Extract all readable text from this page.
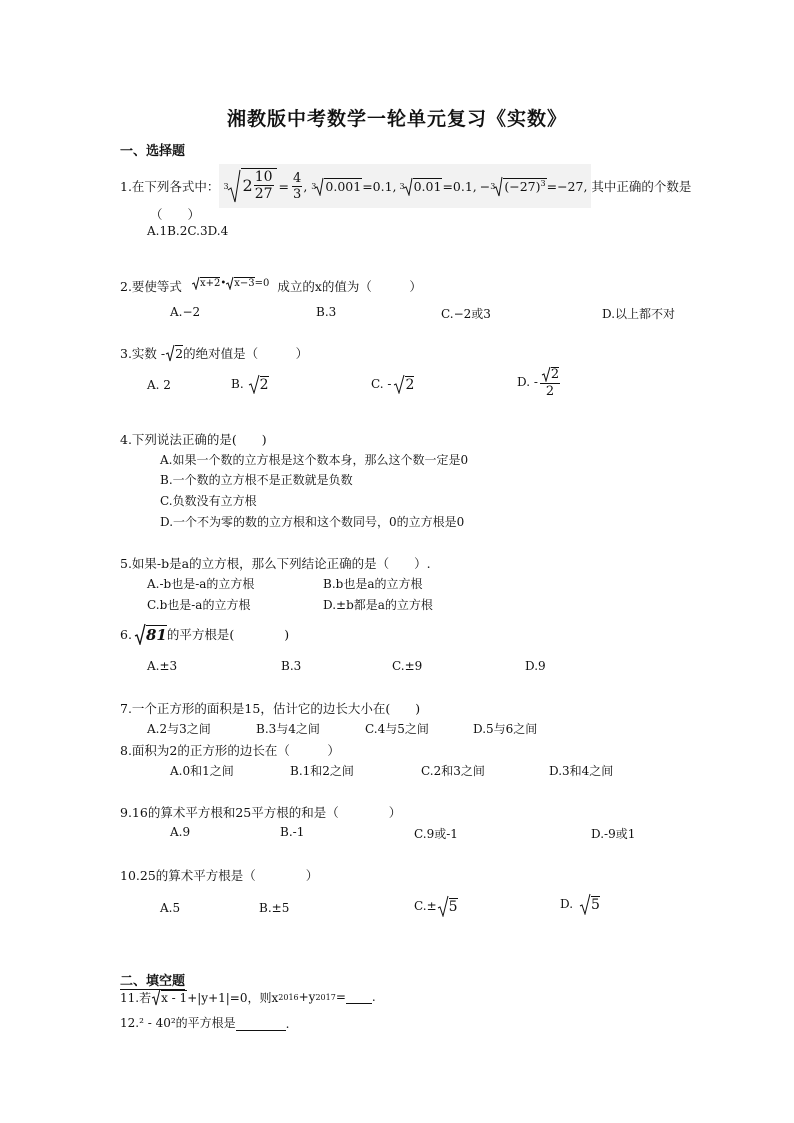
湘教版中考数学一轮单元复习《实数》
一、选择题
1.在下列各式中： 3 $2 \frac{10}{27} = \frac{4}{3}$ , 3 0.001 =0.1, 3 0.01 =0.1, − 3 $(-27)^3 =-27$, 其中正确的个数是
（　　）
A.1B.2C.3D.4
2.要使等式 x+2 • x−3 =0 成立的x的值为（　　　）
A.−2	B.3	C.−2或3	D.以上都不对
3.实数 - 2 的绝对值是（　　　）
A. 2	B. 2	C. - 2	D. - $\frac{2}{2}$
4.下列说法正确的是(　　)
A.如果一个数的立方根是这个数本身，那么这个数一定是0
B.一个数的立方根不是正数就是负数
C.负数没有立方根
D.一个不为零的数的立方根和这个数同号，0的立方根是0
5.如果-b是a的立方根，那么下列结论正确的是（　　）.
A.-b也是-a的立方根	B.b也是a的立方根
C.b也是-a的立方根	D.±b都是a的立方根
6. 81 的平方根是(　　　　)
A.±3	B.3	C.±9	D.9
7.一个正方形的面积是15，估计它的边长大小在(　　)
A.2与3之间	B.3与4之间	C.4与5之间	D.5与6之间
8.面积为2的正方形的边长在（　　　）
A.0和1之间	B.1和2之间	C.2和3之间	D.3和4之间
9.16的算术平方根和25平方根的和是（　　　　）
A.9	B.-1	C.9或-1	D.-9或1
10.25的算术平方根是（　　　　）
A.5	B.±5	C.± 5	D. 5
二、填空题
11.若 x - 1 +|y+1|=0，则x 2016 +y 2017 = .
12.² - 40²的平方根是	.
